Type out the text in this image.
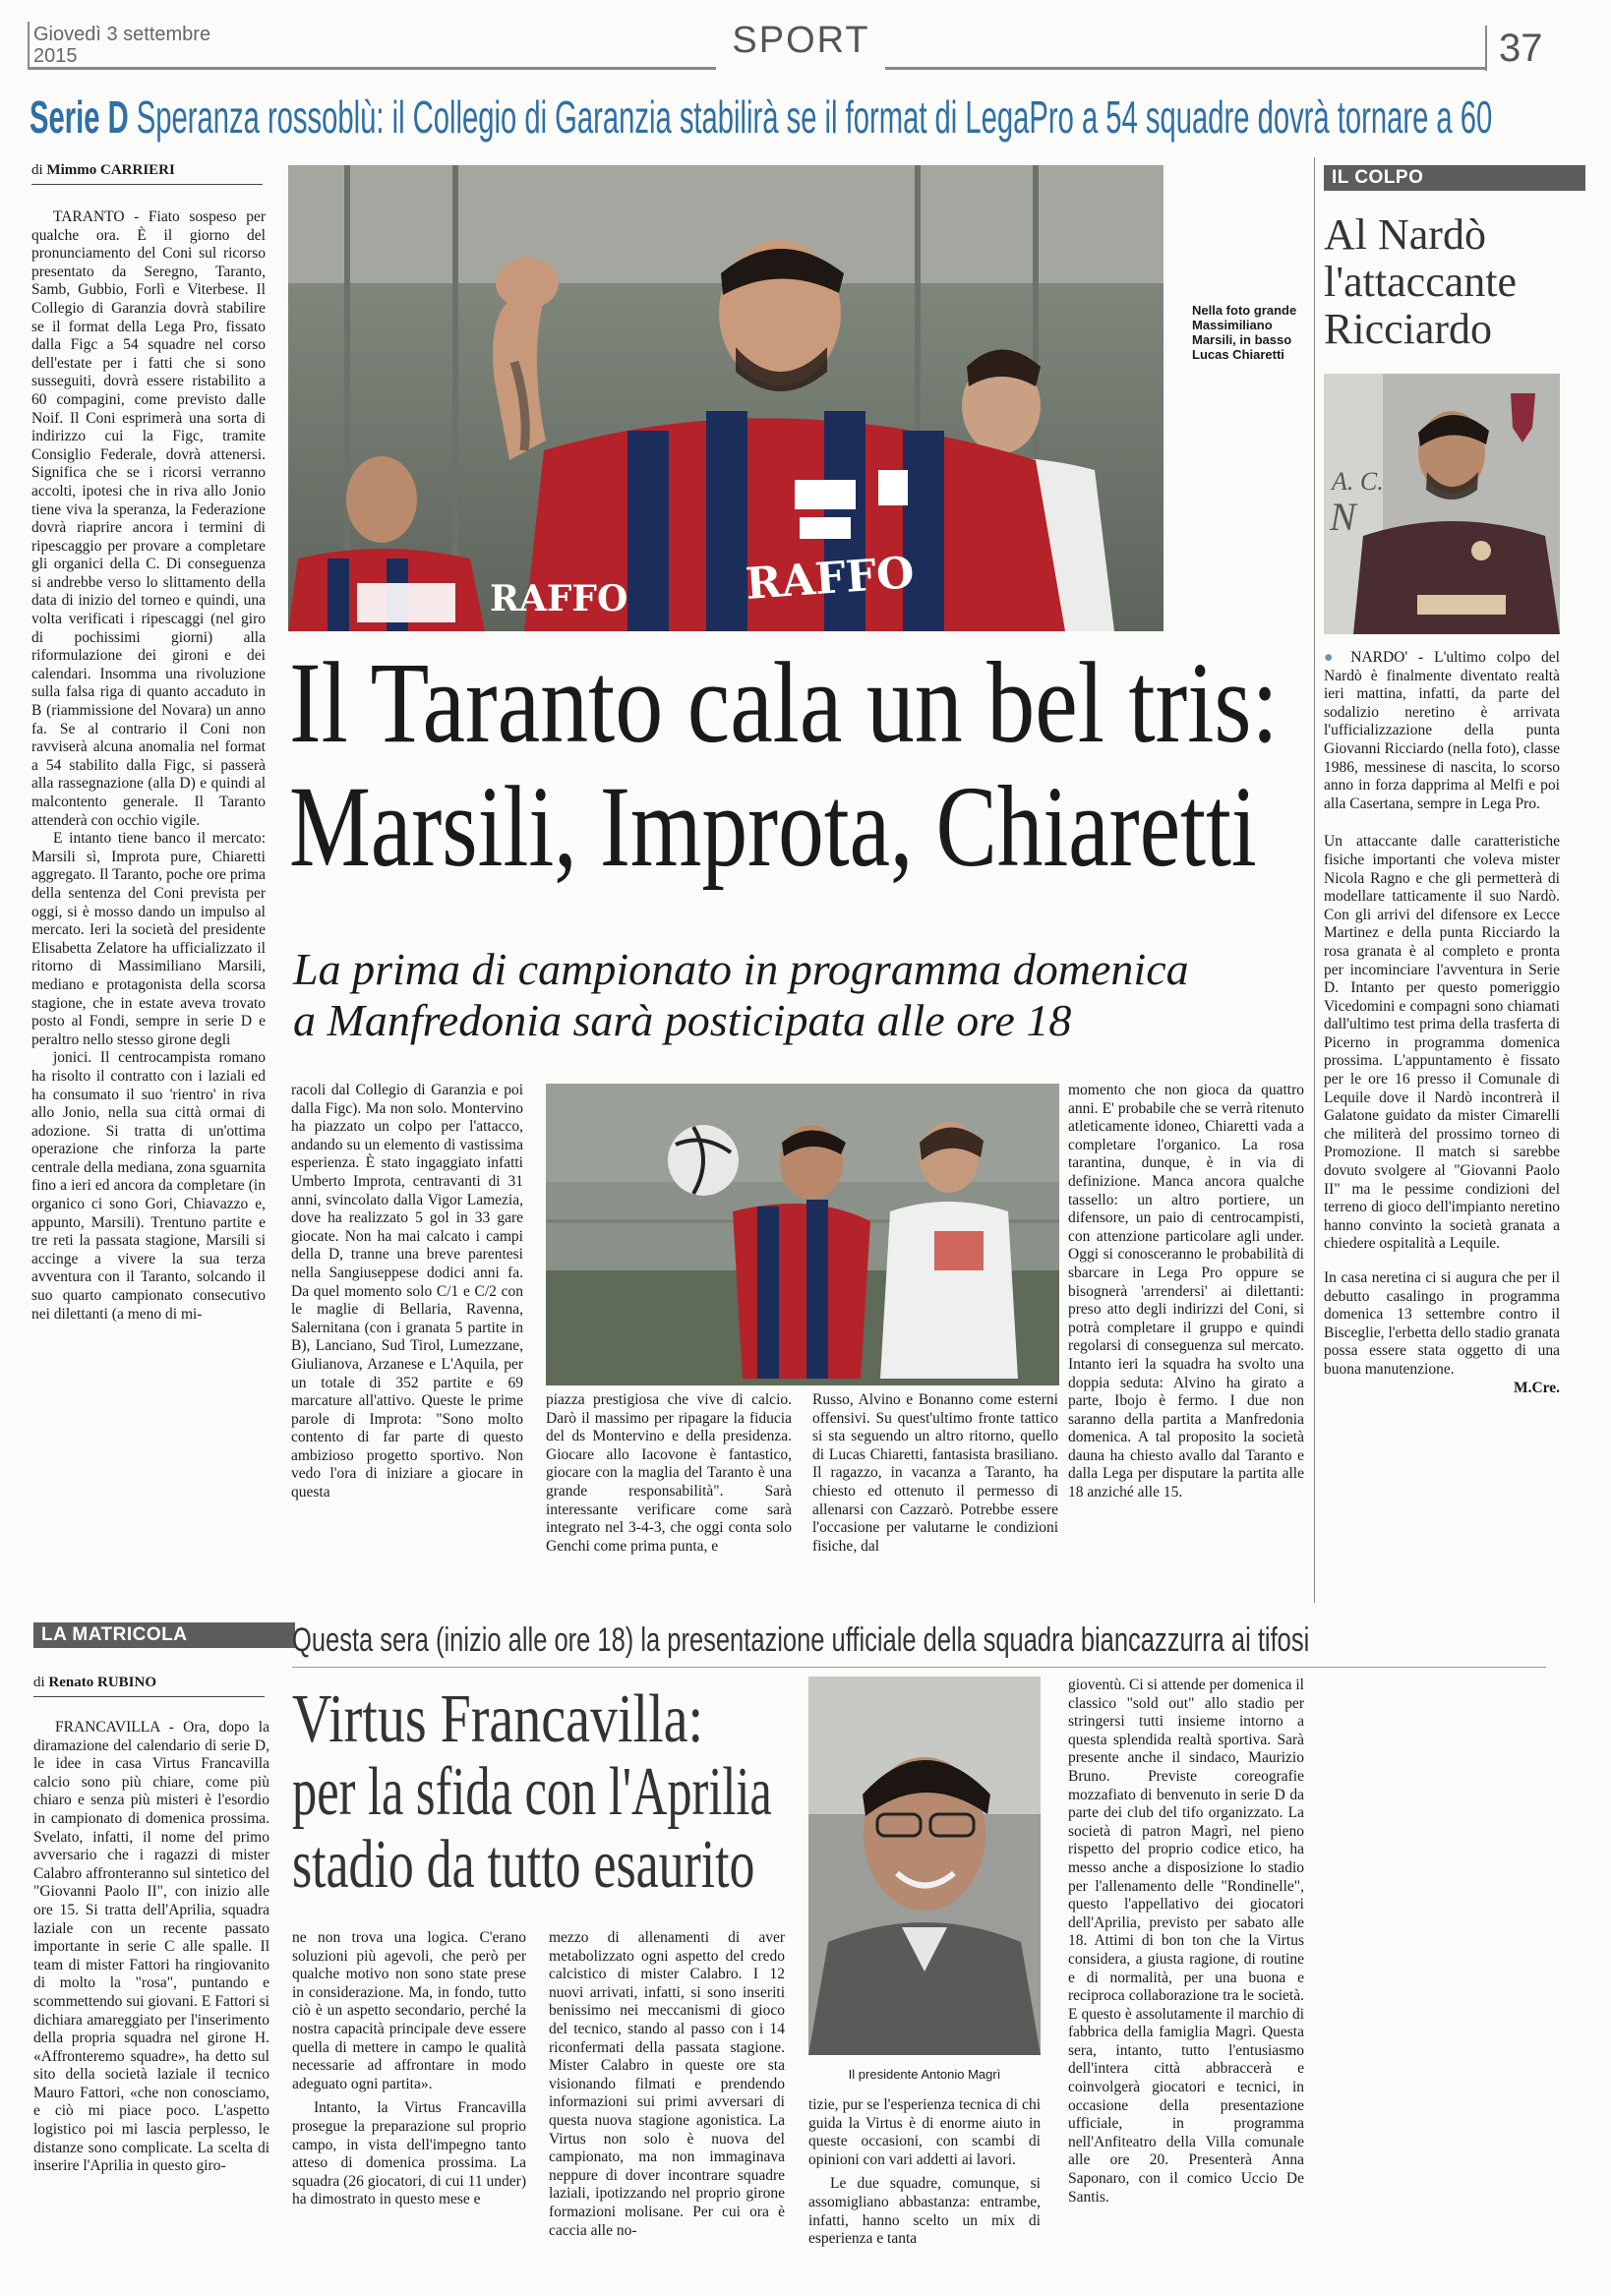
Giovedì 3 settembre
2015	SPORT	37
Serie D Speranza rossoblù: il Collegio di Garanzia stabilirà se il format di LegaPro a 54 squadre dovrà tornare a 60
di Mimmo CARRIERI

TARANTO - Fiato sospeso per qualche ora. È il giorno del pronunciamento del Coni sul ricorso presentato da Seregno, Taranto, Samb, Gubbio, Forlì e Viterbese. Il Collegio di Garanzia dovrà stabilire se il format della Lega Pro, fissato dalla Figc a 54 squadre nel corso dell'estate per i fatti che si sono susseguiti, dovrà essere ristabilito a 60 compagini, come previsto dalle Noif. Il Coni esprimerà una sorta di indirizzo cui la Figc, tramite Consiglio Federale, dovrà attenersi. Significa che se i ricorsi verranno accolti, ipotesi che in riva allo Jonio tiene viva la speranza, la Federazione dovrà riaprire ancora i termini di ripescaggio per provare a completare gli organici della C. Di conseguenza si andrebbe verso lo slittamento della data di inizio del torneo e quindi, una volta verificati i ripescaggi (nel giro di pochissimi giorni) alla riformulazione dei gironi e dei calendari. Insomma una rivoluzione sulla falsa riga di quanto accaduto in B (riammissione del Novara) un anno fa. Se al contrario il Coni non ravviserà alcuna anomalia nel format a 54 stabilito dalla Figc, si passerà alla rassegnazione (alla D) e quindi al malcontento generale. Il Taranto attenderà con occhio vigile.

E intanto tiene banco il mercato: Marsili sì, Improta pure, Chiaretti aggregato. Il Taranto, poche ore prima della sentenza del Coni prevista per oggi, si è mosso dando un impulso al mercato. Ieri la società del presidente Elisabetta Zelatore ha ufficializzato il ritorno di Massimiliano Marsili, mediano e protagonista della scorsa stagione, che in estate aveva trovato posto al Fondi, sempre in serie D e peraltro nello stesso girone degli

jonici. Il centrocampista romano ha risolto il contratto con i laziali ed ha consumato il suo 'rientro' in riva allo Jonio, nella sua città ormai di adozione. Si tratta di un'ottima operazione che rinforza la parte centrale della mediana, zona sguarnita fino a ieri ed ancora da completare (in organico ci sono Gori, Chiavazzo e, appunto, Marsili). Trentuno partite e tre reti la passata stagione, Marsili si accinge a vivere la sua terza avventura con il Taranto, solcando il suo quarto campionato consecutivo nei dilettanti (a meno di mi-

RAFFO
RAFFO
Nella foto grande Massimiliano Marsili, in basso Lucas Chiaretti
Il Taranto cala un bel tris:
Marsili, Improta, Chiaretti
La prima di campionato in programma domenica
a Manfredonia sarà posticipata alle ore 18

racoli dal Collegio di Garanzia e poi dalla Figc). Ma non solo. Montervino ha piazzato un colpo per l'attacco, andando su un elemento di vastissima esperienza. È stato ingaggiato infatti Umberto Improta, centravanti di 31 anni, svincolato dalla Vigor Lamezia, dove ha realizzato 5 gol in 33 gare giocate. Non ha mai calcato i campi della D, tranne una breve parentesi nella Sangiuseppese dodici anni fa. Da quel momento solo C/1 e C/2 con le maglie di Bellaria, Ravenna, Salernitana (con i granata 5 partite in B), Lanciano, Sud Tirol, Lumezzane, Giulianova, Arzanese e L'Aquila, per un totale di 352 partite e 69 marcature all'attivo. Queste le prime parole di Improta: "Sono molto contento di far parte di questo ambizioso progetto sportivo. Non vedo l'ora di iniziare a giocare in questa

piazza prestigiosa che vive di calcio. Darò il massimo per ripagare la fiducia del ds Montervino e della presidenza. Giocare allo Iacovone è fantastico, giocare con la maglia del Taranto è una grande responsabilità". Sarà interessante verificare come sarà integrato nel 3-4-3, che oggi conta solo Genchi come prima punta, e

Russo, Alvino e Bonanno come esterni offensivi. Su quest'ultimo fronte tattico si sta seguendo un altro ritorno, quello di Lucas Chiaretti, fantasista brasiliano. Il ragazzo, in vacanza a Taranto, ha chiesto ed ottenuto il permesso di allenarsi con Cazzarò. Potrebbe essere l'occasione per valutarne le condizioni fisiche, dal

momento che non gioca da quattro anni. E' probabile che se verrà ritenuto atleticamente idoneo, Chiaretti vada a completare l'organico. La rosa tarantina, dunque, è in via di definizione. Manca ancora qualche tassello: un altro portiere, un difensore, un paio di centrocampisti, con attenzione particolare agli under. Oggi si conosceranno le probabilità di sbarcare in Lega Pro oppure se bisognerà 'arrendersi' ai dilettanti: preso atto degli indirizzi del Coni, si potrà completare il gruppo e quindi regolarsi di conseguenza sul mercato. Intanto ieri la squadra ha svolto una doppia seduta: Alvino ha girato a parte, Ibojo è fermo. I due non saranno della partita a Manfredonia domenica. A tal proposito la società dauna ha chiesto avallo dal Taranto e dalla Lega per disputare la partita alle 18 anziché alle 15.

IL COLPO
Al Nardò
l'attaccante
Ricciardo
A. C.
N

● NARDO' - L'ultimo colpo del Nardò è finalmente diventato realtà ieri mattina, infatti, da parte del sodalizio neretino è arrivata l'ufficializzazione della punta Giovanni Ricciardo (nella foto), classe 1986, messinese di nascita, lo scorso anno in forza dapprima al Melfi e poi alla Casertana, sempre in Lega Pro.

Un attaccante dalle caratteristiche fisiche importanti che voleva mister Nicola Ragno e che gli permetterà di modellare tatticamente il suo Nardò. Con gli arrivi del difensore ex Lecce Martinez e della punta Ricciardo la rosa granata è al completo e pronta per incominciare l'avventura in Serie D. Intanto per questo pomeriggio Vicedomini e compagni sono chiamati dall'ultimo test prima della trasferta di Picerno in programma domenica prossima. L'appuntamento è fissato per le ore 16 presso il Comunale di Lequile dove il Nardò incontrerà il Galatone guidato da mister Cimarelli che militerà del prossimo torneo di Promozione. Il match si sarebbe dovuto svolgere al "Giovanni Paolo II" ma le pessime condizioni del terreno di gioco dell'impianto neretino hanno convinto la società granata a chiedere ospitalità a Lequile.

In casa neretina ci si augura che per il debutto casalingo in programma domenica 13 settembre contro il Bisceglie, l'erbetta dello stadio granata possa essere stata oggetto di una buona manutenzione.

M.Cre.
LA MATRICOLA	Questa sera (inizio alle ore 18) la presentazione ufficiale della squadra biancazzurra ai tifosi
di Renato RUBINO

FRANCAVILLA - Ora, dopo la diramazione del calendario di serie D, le idee in casa Virtus Francavilla calcio sono più chiare, come più chiaro e senza più misteri è l'esordio in campionato di domenica prossima. Svelato, infatti, il nome del primo avversario che i ragazzi di mister Calabro affronteranno sul sintetico del "Giovanni Paolo II", con inizio alle ore 15. Si tratta dell'Aprilia, squadra laziale con un recente passato importante in serie C alle spalle. Il team di mister Fattori ha ringiovanito di molto la "rosa", puntando e scommettendo sui giovani. E Fattori si dichiara amareggiato per l'inserimento della propria squadra nel girone H. «Affronteremo squadre», ha detto sul sito della società laziale il tecnico Mauro Fattori, «che non conosciamo, e ciò mi piace poco. L'aspetto logistico poi mi lascia perplesso, le distanze sono complicate. La scelta di inserire l'Aprilia in questo giro-

Virtus Francavilla:
per la sfida con l'Aprilia
stadio da tutto esaurito
Il presidente Antonio Magrì

ne non trova una logica. C'erano soluzioni più agevoli, che però per qualche motivo non sono state prese in considerazione. Ma, in fondo, tutto ciò è un aspetto secondario, perché la nostra capacità principale deve essere quella di mettere in campo le qualità necessarie ad affrontare in modo adeguato ogni partita».

Intanto, la Virtus Francavilla prosegue la preparazione sul proprio campo, in vista dell'impegno tanto atteso di domenica prossima. La squadra (26 giocatori, di cui 11 under) ha dimostrato in questo mese e

mezzo di allenamenti di aver metabolizzato ogni aspetto del credo calcistico di mister Calabro. I 12 nuovi arrivati, infatti, si sono inseriti benissimo nei meccanismi di gioco del tecnico, stando al passo con i 14 riconfermati della passata stagione. Mister Calabro in queste ore sta visionando filmati e prendendo informazioni sui primi avversari di questa nuova stagione agonistica. La Virtus non solo è nuova del campionato, ma non immaginava neppure di dover incontrare squadre laziali, ipotizzando nel proprio girone formazioni molisane. Per cui ora è caccia alle no-

tizie, pur se l'esperienza tecnica di chi guida la Virtus è di enorme aiuto in queste occasioni, con scambi di opinioni con vari addetti ai lavori.

Le due squadre, comunque, si assomigliano abbastanza: entrambe, infatti, hanno scelto un mix di esperienza e tanta

gioventù. Ci si attende per domenica il classico "sold out" allo stadio per stringersi tutti insieme intorno a questa splendida realtà sportiva. Sarà presente anche il sindaco, Maurizio Bruno. Previste coreografie mozzafiato di benvenuto in serie D da parte dei club del tifo organizzato. La società di patron Magrì, nel pieno rispetto del proprio codice etico, ha messo anche a disposizione lo stadio per l'allenamento delle "Rondinelle", questo l'appellativo dei giocatori dell'Aprilia, previsto per sabato alle 18. Attimi di bon ton che la Virtus considera, a giusta ragione, di routine e di normalità, per una buona e reciproca collaborazione tra le società. E questo è assolutamente il marchio di fabbrica della famiglia Magrì. Questa sera, intanto, tutto l'entusiasmo dell'intera città abbraccerà e coinvolgerà giocatori e tecnici, in occasione della presentazione ufficiale, in programma nell'Anfiteatro della Villa comunale alle ore 20. Presenterà Anna Saponaro, con il comico Uccio De Santis.
